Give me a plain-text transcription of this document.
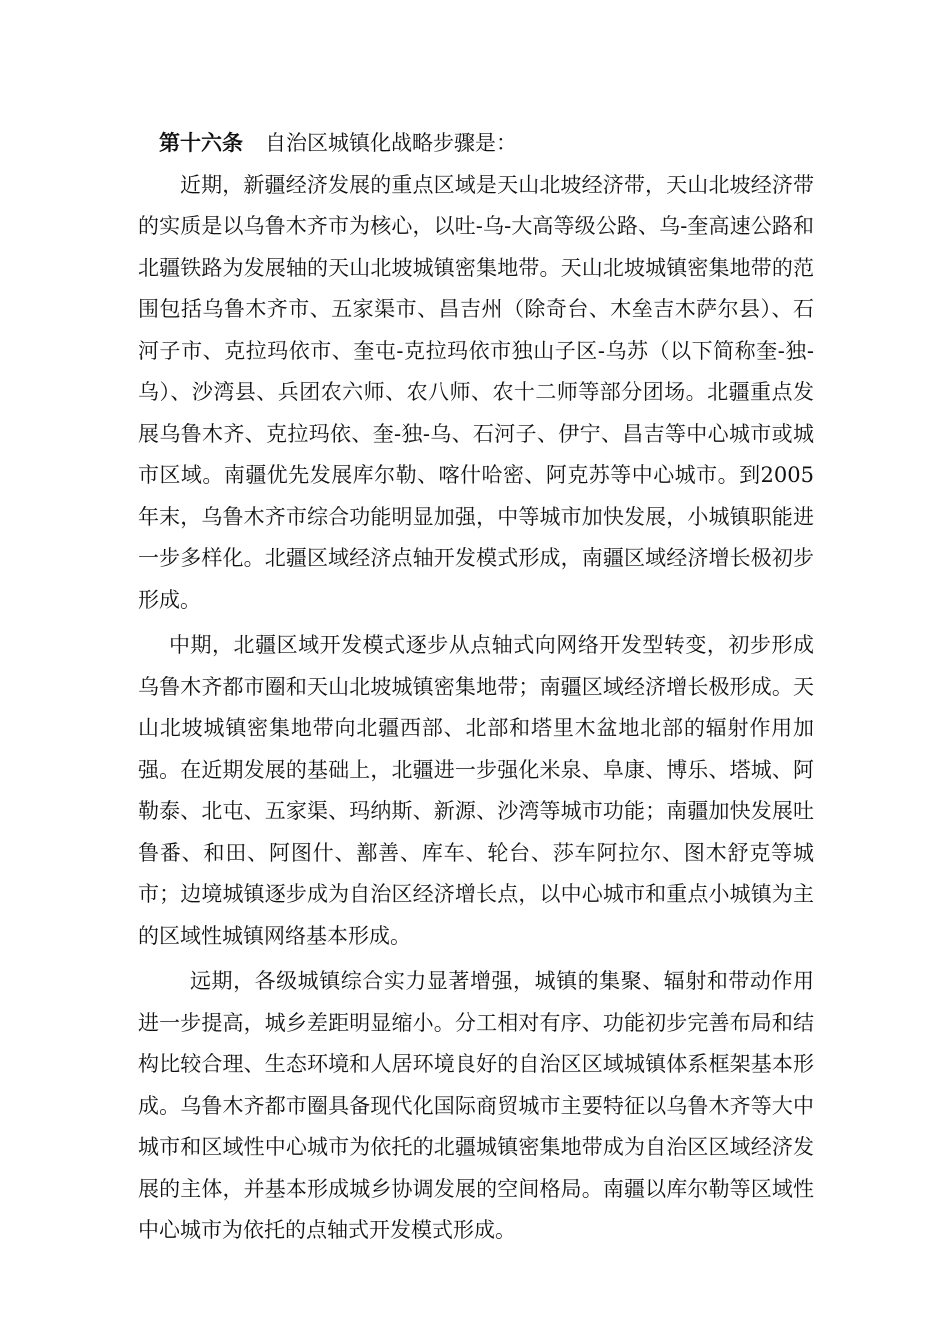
第十六条 自治区城镇化战略步骤是：

近期，新疆经济发展的重点区域是天山北坡经济带，天山北坡经济带的实质是以乌鲁木齐市为核心，以吐-乌-大高等级公路、乌-奎高速公路和北疆铁路为发展轴的天山北坡城镇密集地带。天山北坡城镇密集地带的范围包括乌鲁木齐市、五家渠市、昌吉州（除奇台、木垒吉木萨尔县）、石河子市、克拉玛依市、奎屯-克拉玛依市独山子区-乌苏（以下简称奎-独-乌）、沙湾县、兵团农六师、农八师、农十二师等部分团场。北疆重点发展乌鲁木齐、克拉玛依、奎-独-乌、石河子、伊宁、昌吉等中心城市或城市区域。南疆优先发展库尔勒、喀什哈密、阿克苏等中心城市。到2005年末，乌鲁木齐市综合功能明显加强，中等城市加快发展，小城镇职能进一步多样化。北疆区域经济点轴开发模式形成，南疆区域经济增长极初步形成。

中期，北疆区域开发模式逐步从点轴式向网络开发型转变，初步形成乌鲁木齐都市圈和天山北坡城镇密集地带；南疆区域经济增长极形成。天山北坡城镇密集地带向北疆西部、北部和塔里木盆地北部的辐射作用加强。在近期发展的基础上，北疆进一步强化米泉、阜康、博乐、塔城、阿勒泰、北屯、五家渠、玛纳斯、新源、沙湾等城市功能；南疆加快发展吐鲁番、和田、阿图什、鄯善、库车、轮台、莎车阿拉尔、图木舒克等城市；边境城镇逐步成为自治区经济增长点，以中心城市和重点小城镇为主的区域性城镇网络基本形成。

远期，各级城镇综合实力显著增强，城镇的集聚、辐射和带动作用进一步提高，城乡差距明显缩小。分工相对有序、功能初步完善布局和结构比较合理、生态环境和人居环境良好的自治区区域城镇体系框架基本形成。乌鲁木齐都市圈具备现代化国际商贸城市主要特征以乌鲁木齐等大中城市和区域性中心城市为依托的北疆城镇密集地带成为自治区区域经济发展的主体，并基本形成城乡协调发展的空间格局。南疆以库尔勒等区域性中心城市为依托的点轴式开发模式形成。
